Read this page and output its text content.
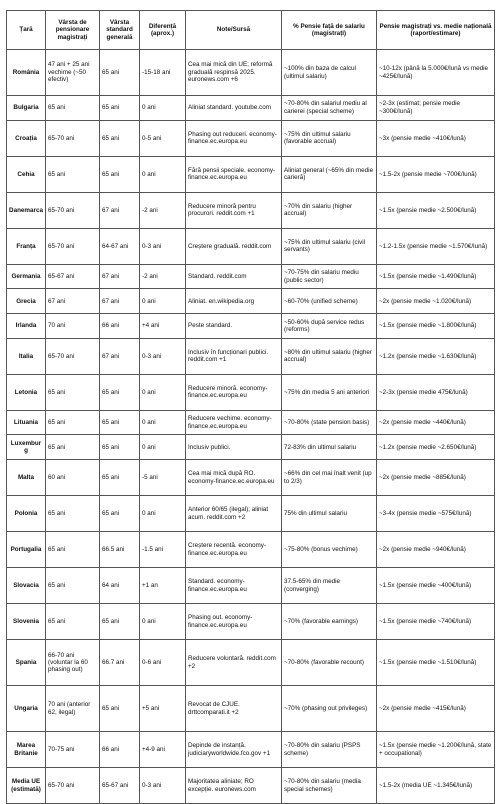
Țară	Vârsta de pensionare magistrați	Vârsta standard generală	Diferență (aprox.)	Note/Sursă	% Pensie față de salariu (magistrați)	Pensie magistrați vs. medie națională (raport/estimare)
România	47 ani + 25 ani vechime (~50 efectiv)	65 ani	-15-18 ani	Cea mai mică din UE; reformă graduală respinsă 2025. euronews.com +6	~100% din baza de calcul (ultimul salariu)	~10-12x (până la 5.000€/lună vs medie ~425€/lună)
Bulgaria	65 ani	65 ani	0 ani	Aliniat standard. youtube.com	~70-80% din salariul mediu al carierei (special scheme)	~2-3x (estimat; pensie medie ~300€/lună)
Croația	65-70 ani	65 ani	0-5 ani	Phasing out reduceri. economy-finance.ec.europa.eu	~75% din ultimul salariu (favorable accrual)	~3x (pensie medie ~410€/lună)
Cehia	65 ani	65 ani	0 ani	Fără pensii speciale. economy-finance.ec.europa.eu	Aliniat general (~65% din medie carieră)	~1.5-2x (pensie medie ~700€/lună)
Danemarca	65-70 ani	67 ani	-2 ani	Reducere minoră pentru procurori. reddit.com +1	~70% din salariu (higher accrual)	~1.5x (pensie medie ~2.500€/lună)
Franța	65-70 ani	64-67 ani	0-3 ani	Creștere graduală. reddit.com	~75% din ultimul salariu (civil servants)	~1.2-1.5x (pensie medie ~1.570€/lună)
Germania	65-67 ani	67 ani	-2 ani	Standard. reddit.com	~70-75% din salariu mediu (public sector)	~1.5x (pensie medie ~1.490€/lună)
Grecia	67 ani	67 ani	0 ani	Aliniat. en.wikipedia.org	~60-70% (unified scheme)	~2x (pensie medie ~1.020€/lună)
Irlanda	70 ani	66 ani	+4 ani	Peste standard.	~50-60% după service redus (reforms)	~1.5x (pensie medie ~1.800€/lună)
Italia	65-70 ani	67 ani	0-3 ani	Inclusiv în funcționari publici. reddit.com +1	~80% din ultimul salariu (higher accrual)	~1.2x (pensie medie ~1.630€/lună)
Letonia	65 ani	65 ani	0 ani	Reducere minoră. economy-finance.ec.europa.eu	~75% din media 5 ani anteriori	~2-3x (pensie medie 475€/lună)
Lituania	65 ani	65 ani	0 ani	Reducere vechime. economy-finance.ec.europa.eu	~70-80% (state pension basis)	~2x (pensie medie ~440€/lună)
Luxemburg	65 ani	65 ani	0 ani	Inclusiv publici.	72-83% din ultimul salariu	~1.2x (pensie medie ~2.650€/lună)
Malta	60 ani	65 ani	-5 ani	Cea mai mică după RO. economy-finance.ec.europa.eu	~66% din cel mai înalt venit (up to 2/3)	~2x (pensie medie ~885€/lună)
Polonia	65 ani	65 ani	0 ani	Anterior 60/65 (ilegal); aliniat acum. reddit.com +2	75% din ultimul salariu	~3-4x (pensie medie ~575€/lună)
Portugalia	65 ani	66.5 ani	-1.5 ani	Creștere recentă. economy-finance.ec.europa.eu	~75-80% (bonus vechime)	~2x (pensie medie ~940€/lună)
Slovacia	65 ani	64 ani	+1 an	Standard. economy-finance.ec.europa.eu	37.5-65% din medie (converging)	~1.5x (pensie medie ~400€/lună)
Slovenia	65 ani	65 ani	0 ani	Phasing out. economy-finance.ec.europa.eu	~70% (favorable earnings)	~1.5x (pensie medie ~740€/lună)
Spania	66-70 ani (voluntar la 60 phasing out)	66.7 ani	0-6 ani	Reducere voluntară. reddit.com +2	~70-80% (favorable recount)	~1.5x (pensie medie ~1.510€/lună)
Ungaria	70 ani (anterior 62, ilegal)	65 ani	+5 ani	Revocat de CJUE. drttcomparati.it +2	~70% (phasing out privileges)	~2x (pensie medie ~415€/lună)
Marea Britanie	70-75 ani	66 ani	+4-9 ani	Depinde de instanță. judiciaryworldwide.fco.gov +1	~70-80% din salariu (PSPS scheme)	~1.5x (pensie medie ~1.200€/lună, state + occupational)
Media UE (estimată)	65-70 ani	65-67 ani	0-3 ani	Majoritatea aliniate; RO excepție. euronews.com	~70-80% din salariu (media special schemes)	~1.5-2x (media UE ~1.345€/lună)
